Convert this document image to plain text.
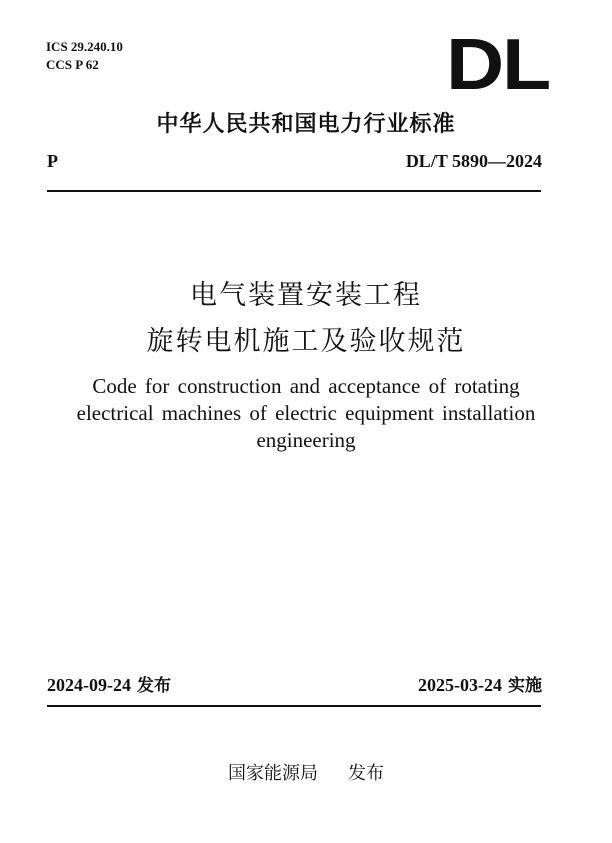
ICS 29.240.10
CCS P 62	DL
中华人民共和国电力行业标准
P	DL/T 5890—2024
电气装置安装工程
旋转电机施工及验收规范
Code for construction and acceptance of rotating
electrical machines of electric equipment installation
engineering
2024-09-24 发布	2025-03-24 实施
国家能源局 发布
